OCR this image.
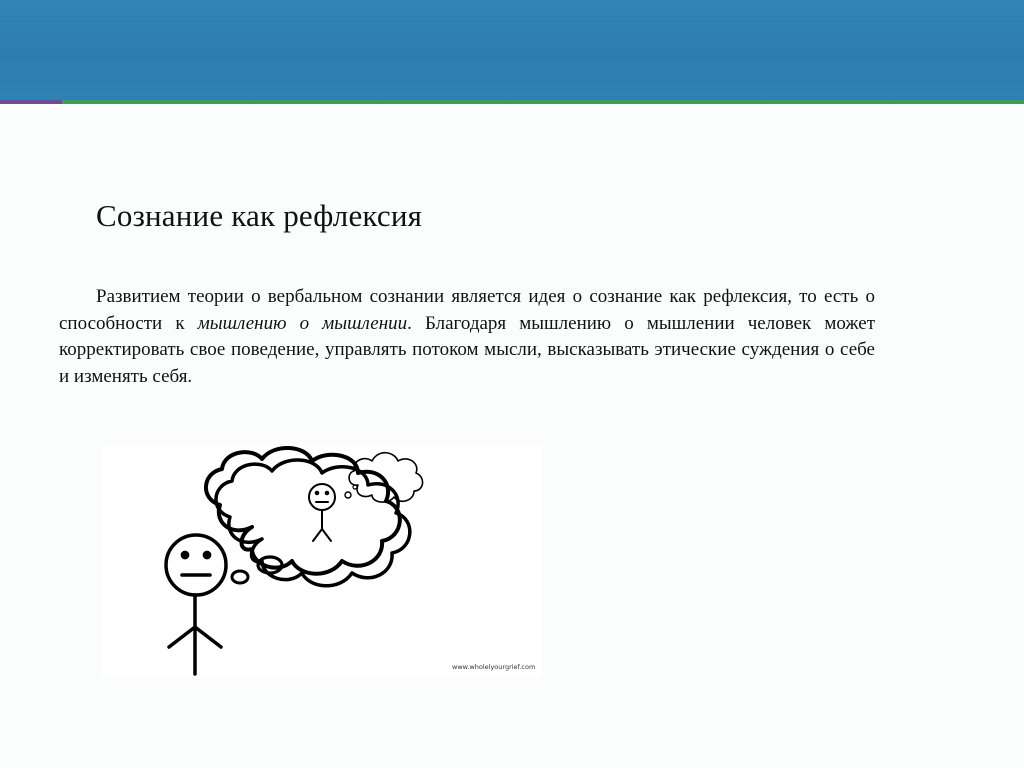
Сознание как рефлексия

Развитием теории о вербальном сознании является идея о сознание как рефлексия, то есть о способности к мышлению о мышлении. Благодаря мышлению о мышлении человек может корректировать свое поведение, управлять потоком мысли, высказывать этические суждения о себе и изменять себя.

www.wholelyourgrief.com
